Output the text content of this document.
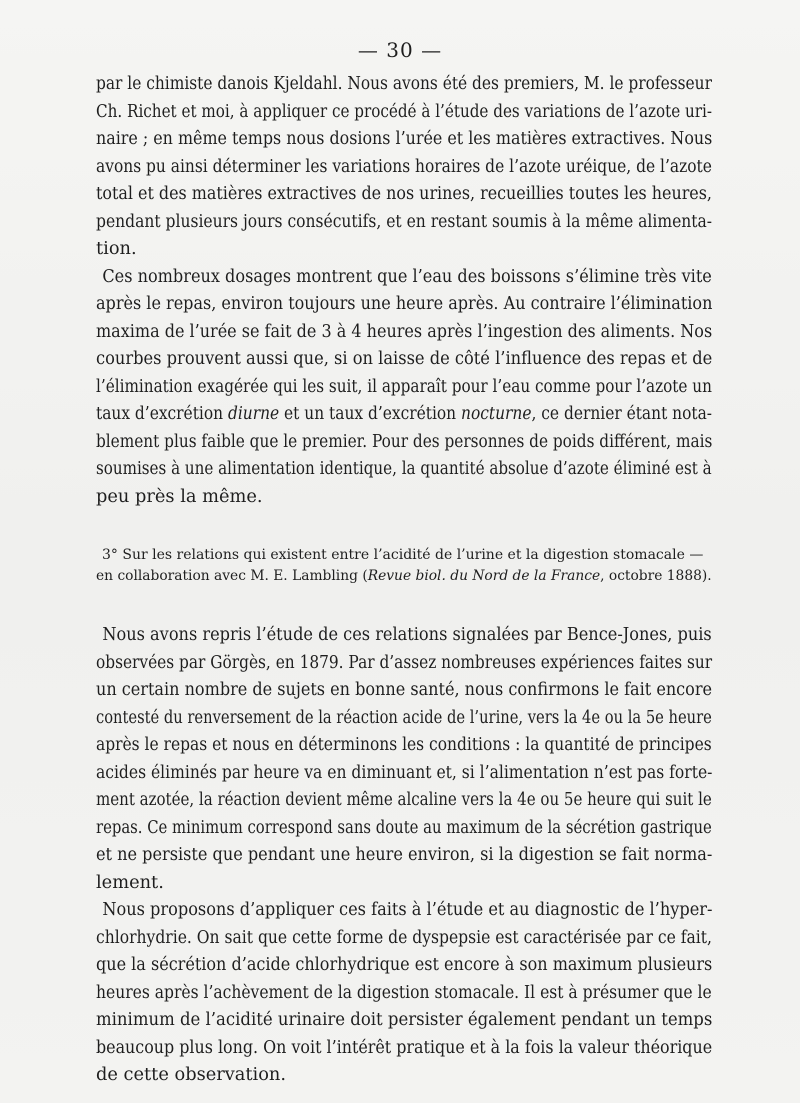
— 30 —
par le chimiste danois Kjeldahl. Nous avons été des premiers, M. le professeur
Ch. Richet et moi, à appliquer ce procédé à l’étude des variations de l’azote uri-
naire ; en même temps nous dosions l’urée et les matières extractives. Nous
avons pu ainsi déterminer les variations horaires de l’azote uréique, de l’azote
total et des matières extractives de nos urines, recueillies toutes les heures,
pendant plusieurs jours consécutifs, et en restant soumis à la même alimenta-
tion.
Ces nombreux dosages montrent que l’eau des boissons s’élimine très vite
après le repas, environ toujours une heure après. Au contraire l’élimination
maxima de l’urée se fait de 3 à 4 heures après l’ingestion des aliments. Nos
courbes prouvent aussi que, si on laisse de côté l’influence des repas et de
l’élimination exagérée qui les suit, il apparaît pour l’eau comme pour l’azote un
taux d’excrétion diurne et un taux d’excrétion nocturne, ce dernier étant nota-
blement plus faible que le premier. Pour des personnes de poids différent, mais
soumises à une alimentation identique, la quantité absolue d’azote éliminé est à
peu près la même.
3° Sur les relations qui existent entre l’acidité de l’urine et la digestion stomacale —
en collaboration avec M. E. Lambling (Revue biol. du Nord de la France, octobre 1888).
Nous avons repris l’étude de ces relations signalées par Bence-Jones, puis
observées par Görgès, en 1879. Par d’assez nombreuses expériences faites sur
un certain nombre de sujets en bonne santé, nous confirmons le fait encore
contesté du renversement de la réaction acide de l’urine, vers la 4e ou la 5e heure
après le repas et nous en déterminons les conditions : la quantité de principes
acides éliminés par heure va en diminuant et, si l’alimentation n’est pas forte-
ment azotée, la réaction devient même alcaline vers la 4e ou 5e heure qui suit le
repas. Ce minimum correspond sans doute au maximum de la sécrétion gastrique
et ne persiste que pendant une heure environ, si la digestion se fait norma-
lement.
Nous proposons d’appliquer ces faits à l’étude et au diagnostic de l’hyper-
chlorhydrie. On sait que cette forme de dyspepsie est caractérisée par ce fait,
que la sécrétion d’acide chlorhydrique est encore à son maximum plusieurs
heures après l’achèvement de la digestion stomacale. Il est à présumer que le
minimum de l’acidité urinaire doit persister également pendant un temps
beaucoup plus long. On voit l’intérêt pratique et à la fois la valeur théorique
de cette observation.
